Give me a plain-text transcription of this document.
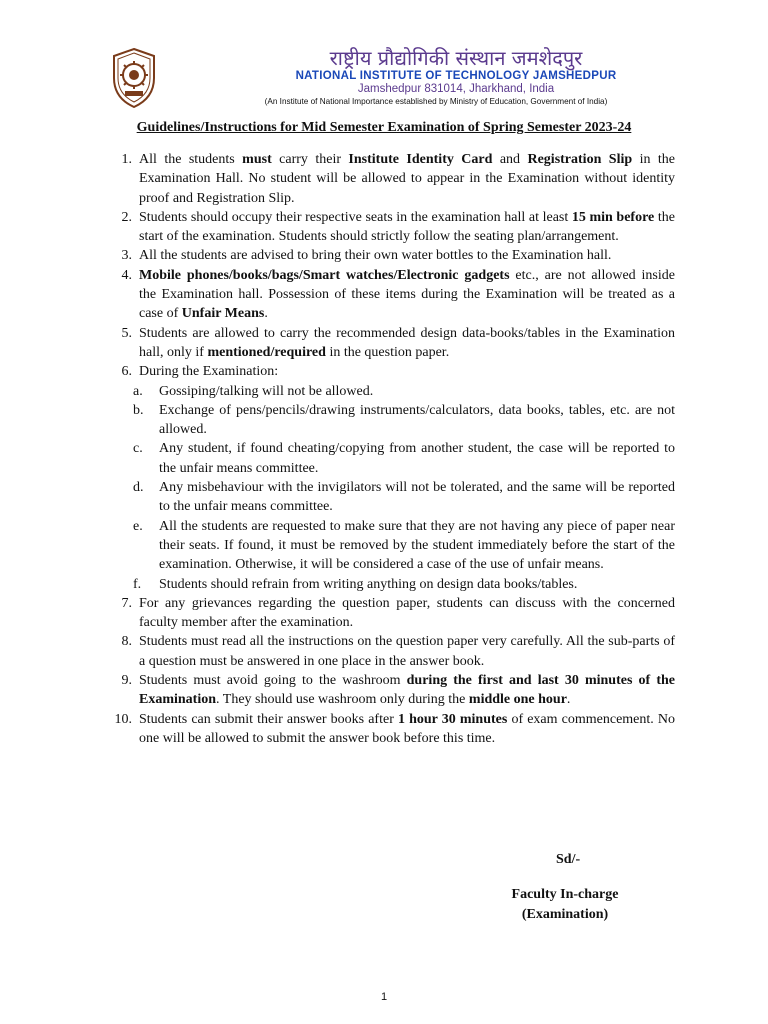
राष्ट्रीय प्रौद्योगिकी संस्थान जमशेदपुर
NATIONAL INSTITUTE OF TECHNOLOGY JAMSHEDPUR
Jamshedpur 831014, Jharkhand, India
(An Institute of National Importance established by Ministry of Education, Government of India)
Guidelines/Instructions for Mid Semester Examination of Spring Semester 2023-24

1. All the students must carry their Institute Identity Card and Registration Slip in the Examination Hall. No student will be allowed to appear in the Examination without identity proof and Registration Slip.

2. Students should occupy their respective seats in the examination hall at least 15 min before the start of the examination. Students should strictly follow the seating plan/arrangement.

3. All the students are advised to bring their own water bottles to the Examination hall.

4. Mobile phones/books/bags/Smart watches/Electronic gadgets etc., are not allowed inside the Examination hall. Possession of these items during the Examination will be treated as a case of Unfair Means.

5. Students are allowed to carry the recommended design data-books/tables in the Examination hall, only if mentioned/required in the question paper.

6. During the Examination:

a.	Gossiping/talking will not be allowed.

b.	Exchange of pens/pencils/drawing instruments/calculators, data books, tables, etc. are not allowed.

c.	Any student, if found cheating/copying from another student, the case will be reported to the unfair means committee.

d.	Any misbehaviour with the invigilators will not be tolerated, and the same will be reported to the unfair means committee.

e.	All the students are requested to make sure that they are not having any piece of paper near their seats. If found, it must be removed by the student immediately before the start of the examination. Otherwise, it will be considered a case of the use of unfair means.

f.	Students should refrain from writing anything on design data books/tables.

7. For any grievances regarding the question paper, students can discuss with the concerned faculty member after the examination.

8. Students must read all the instructions on the question paper very carefully. All the sub-parts of a question must be answered in one place in the answer book.

9. Students must avoid going to the washroom during the first and last 30 minutes of the Examination. They should use washroom only during the middle one hour.

10. Students can submit their answer books after 1 hour 30 minutes of exam commencement. No one will be allowed to submit the answer book before this time.

Sd/-
Faculty In-charge
(Examination)
1
